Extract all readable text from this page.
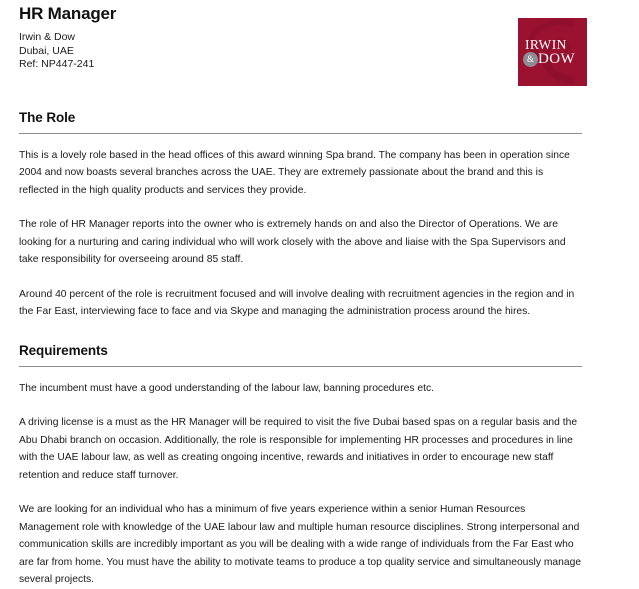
HR Manager
Irwin & Dow
Dubai, UAE
Ref: NP447-241
IRWIN
& DOW
The Role

This is a lovely role based in the head offices of this award winning Spa brand. The company has been in operation since 2004 and now boasts several branches across the UAE. They are extremely passionate about the brand and this is reflected in the high quality products and services they provide.

The role of HR Manager reports into the owner who is extremely hands on and also the Director of Operations. We are looking for a nurturing and caring individual who will work closely with the above and liaise with the Spa Supervisors and take responsibility for overseeing around 85 staff.

Around 40 percent of the role is recruitment focused and will involve dealing with recruitment agencies in the region and in the Far East, interviewing face to face and via Skype and managing the administration process around the hires.

Requirements

The incumbent must have a good understanding of the labour law, banning procedures etc.

A driving license is a must as the HR Manager will be required to visit the five Dubai based spas on a regular basis and the Abu Dhabi branch on occasion. Additionally, the role is responsible for implementing HR processes and procedures in line with the UAE labour law, as well as creating ongoing incentive, rewards and initiatives in order to encourage new staff retention and reduce staff turnover.

We are looking for an individual who has a minimum of five years experience within a senior Human Resources Management role with knowledge of the UAE labour law and multiple human resource disciplines. Strong interpersonal and communication skills are incredibly important as you will be dealing with a wide range of individuals from the Far East who are far from home. You must have the ability to motivate teams to produce a top quality service and simultaneously manage several projects.
